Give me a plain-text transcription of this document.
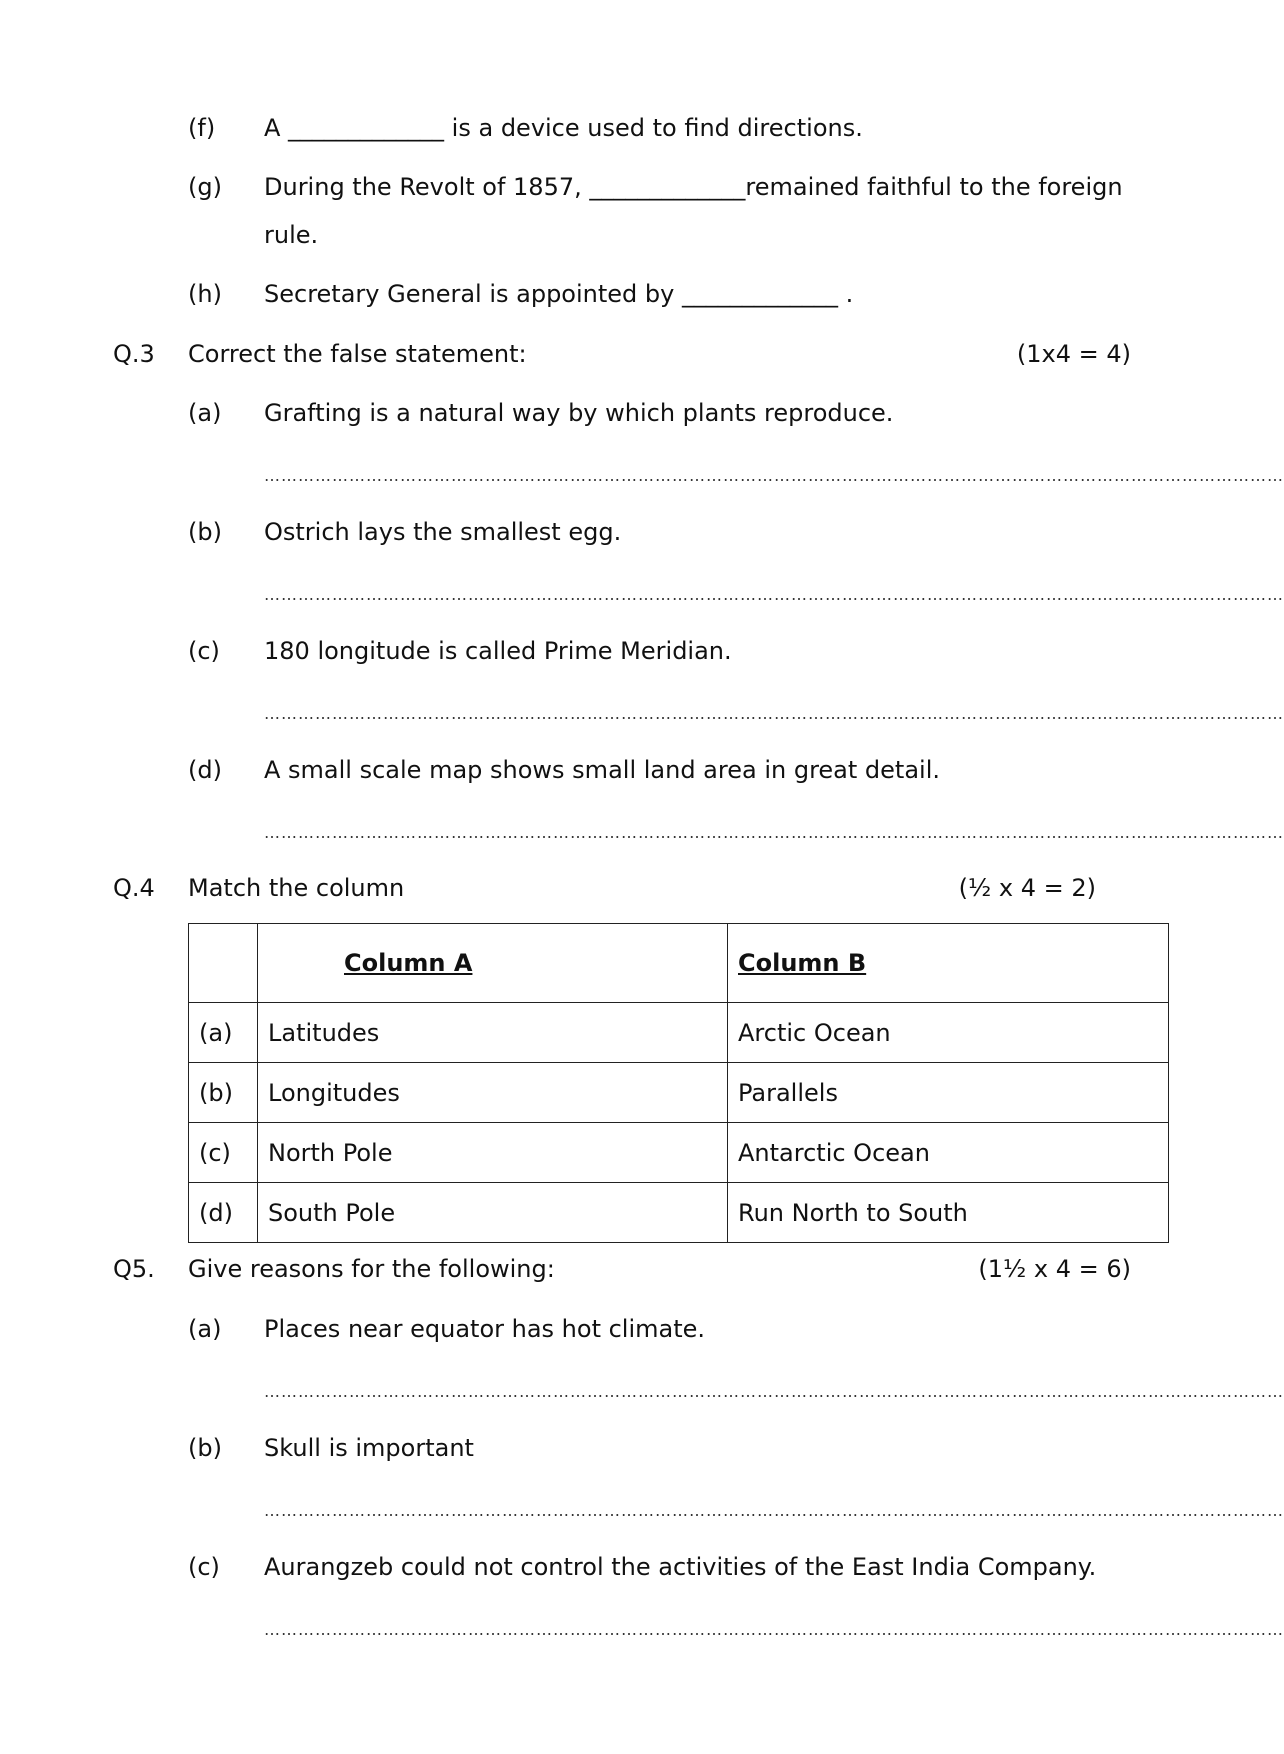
(f) A _____________ is a device used to find directions.
(g) During the Revolt of 1857, _____________remained faithful to the foreign
rule.
(h) Secretary General is appointed by _____________ .
Q.3 Correct the false statement:	(1x4 = 4)
(a) Grafting is a natural way by which plants reproduce.
………………………………………………………………………………………………………………………………………………………………
(b) Ostrich lays the smallest egg.
………………………………………………………………………………………………………………………………………………………………
(c) 180 longitude is called Prime Meridian.
………………………………………………………………………………………………………………………………………………………………
(d) A small scale map shows small land area in great detail.
………………………………………………………………………………………………………………………………………………………………
Q.4 Match the column	(½ x 4 = 2)
	Column A	Column B
(a)	Latitudes	Arctic Ocean
(b)	Longitudes	Parallels
(c)	North Pole	Antarctic Ocean
(d)	South Pole	Run North to South
Q5. Give reasons for the following:	(1½ x 4 = 6)
(a) Places near equator has hot climate.
………………………………………………………………………………………………………………………………………………………………
(b) Skull is important
………………………………………………………………………………………………………………………………………………………………
(c) Aurangzeb could not control the activities of the East India Company.
………………………………………………………………………………………………………………………………………………………………
